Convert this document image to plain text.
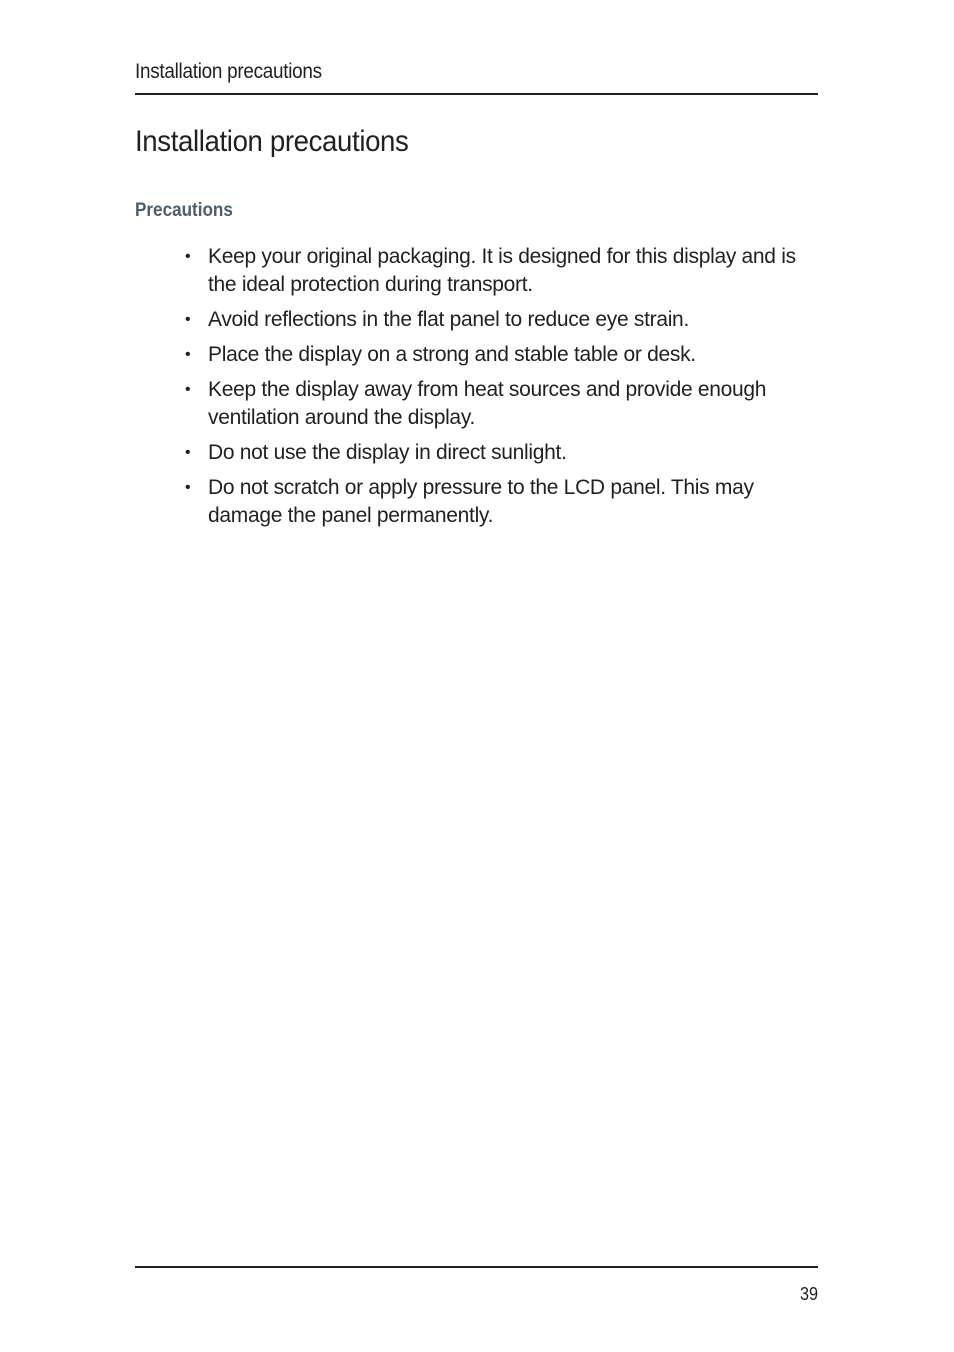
Installation precautions
Installation precautions
Precautions
• Keep your original packaging. It is designed for this display and is the ideal protection during transport.
• Avoid reflections in the flat panel to reduce eye strain.
• Place the display on a strong and stable table or desk.
• Keep the display away from heat sources and provide enough ventilation around the display.
• Do not use the display in direct sunlight.
• Do not scratch or apply pressure to the LCD panel. This may damage the panel permanently.
39
